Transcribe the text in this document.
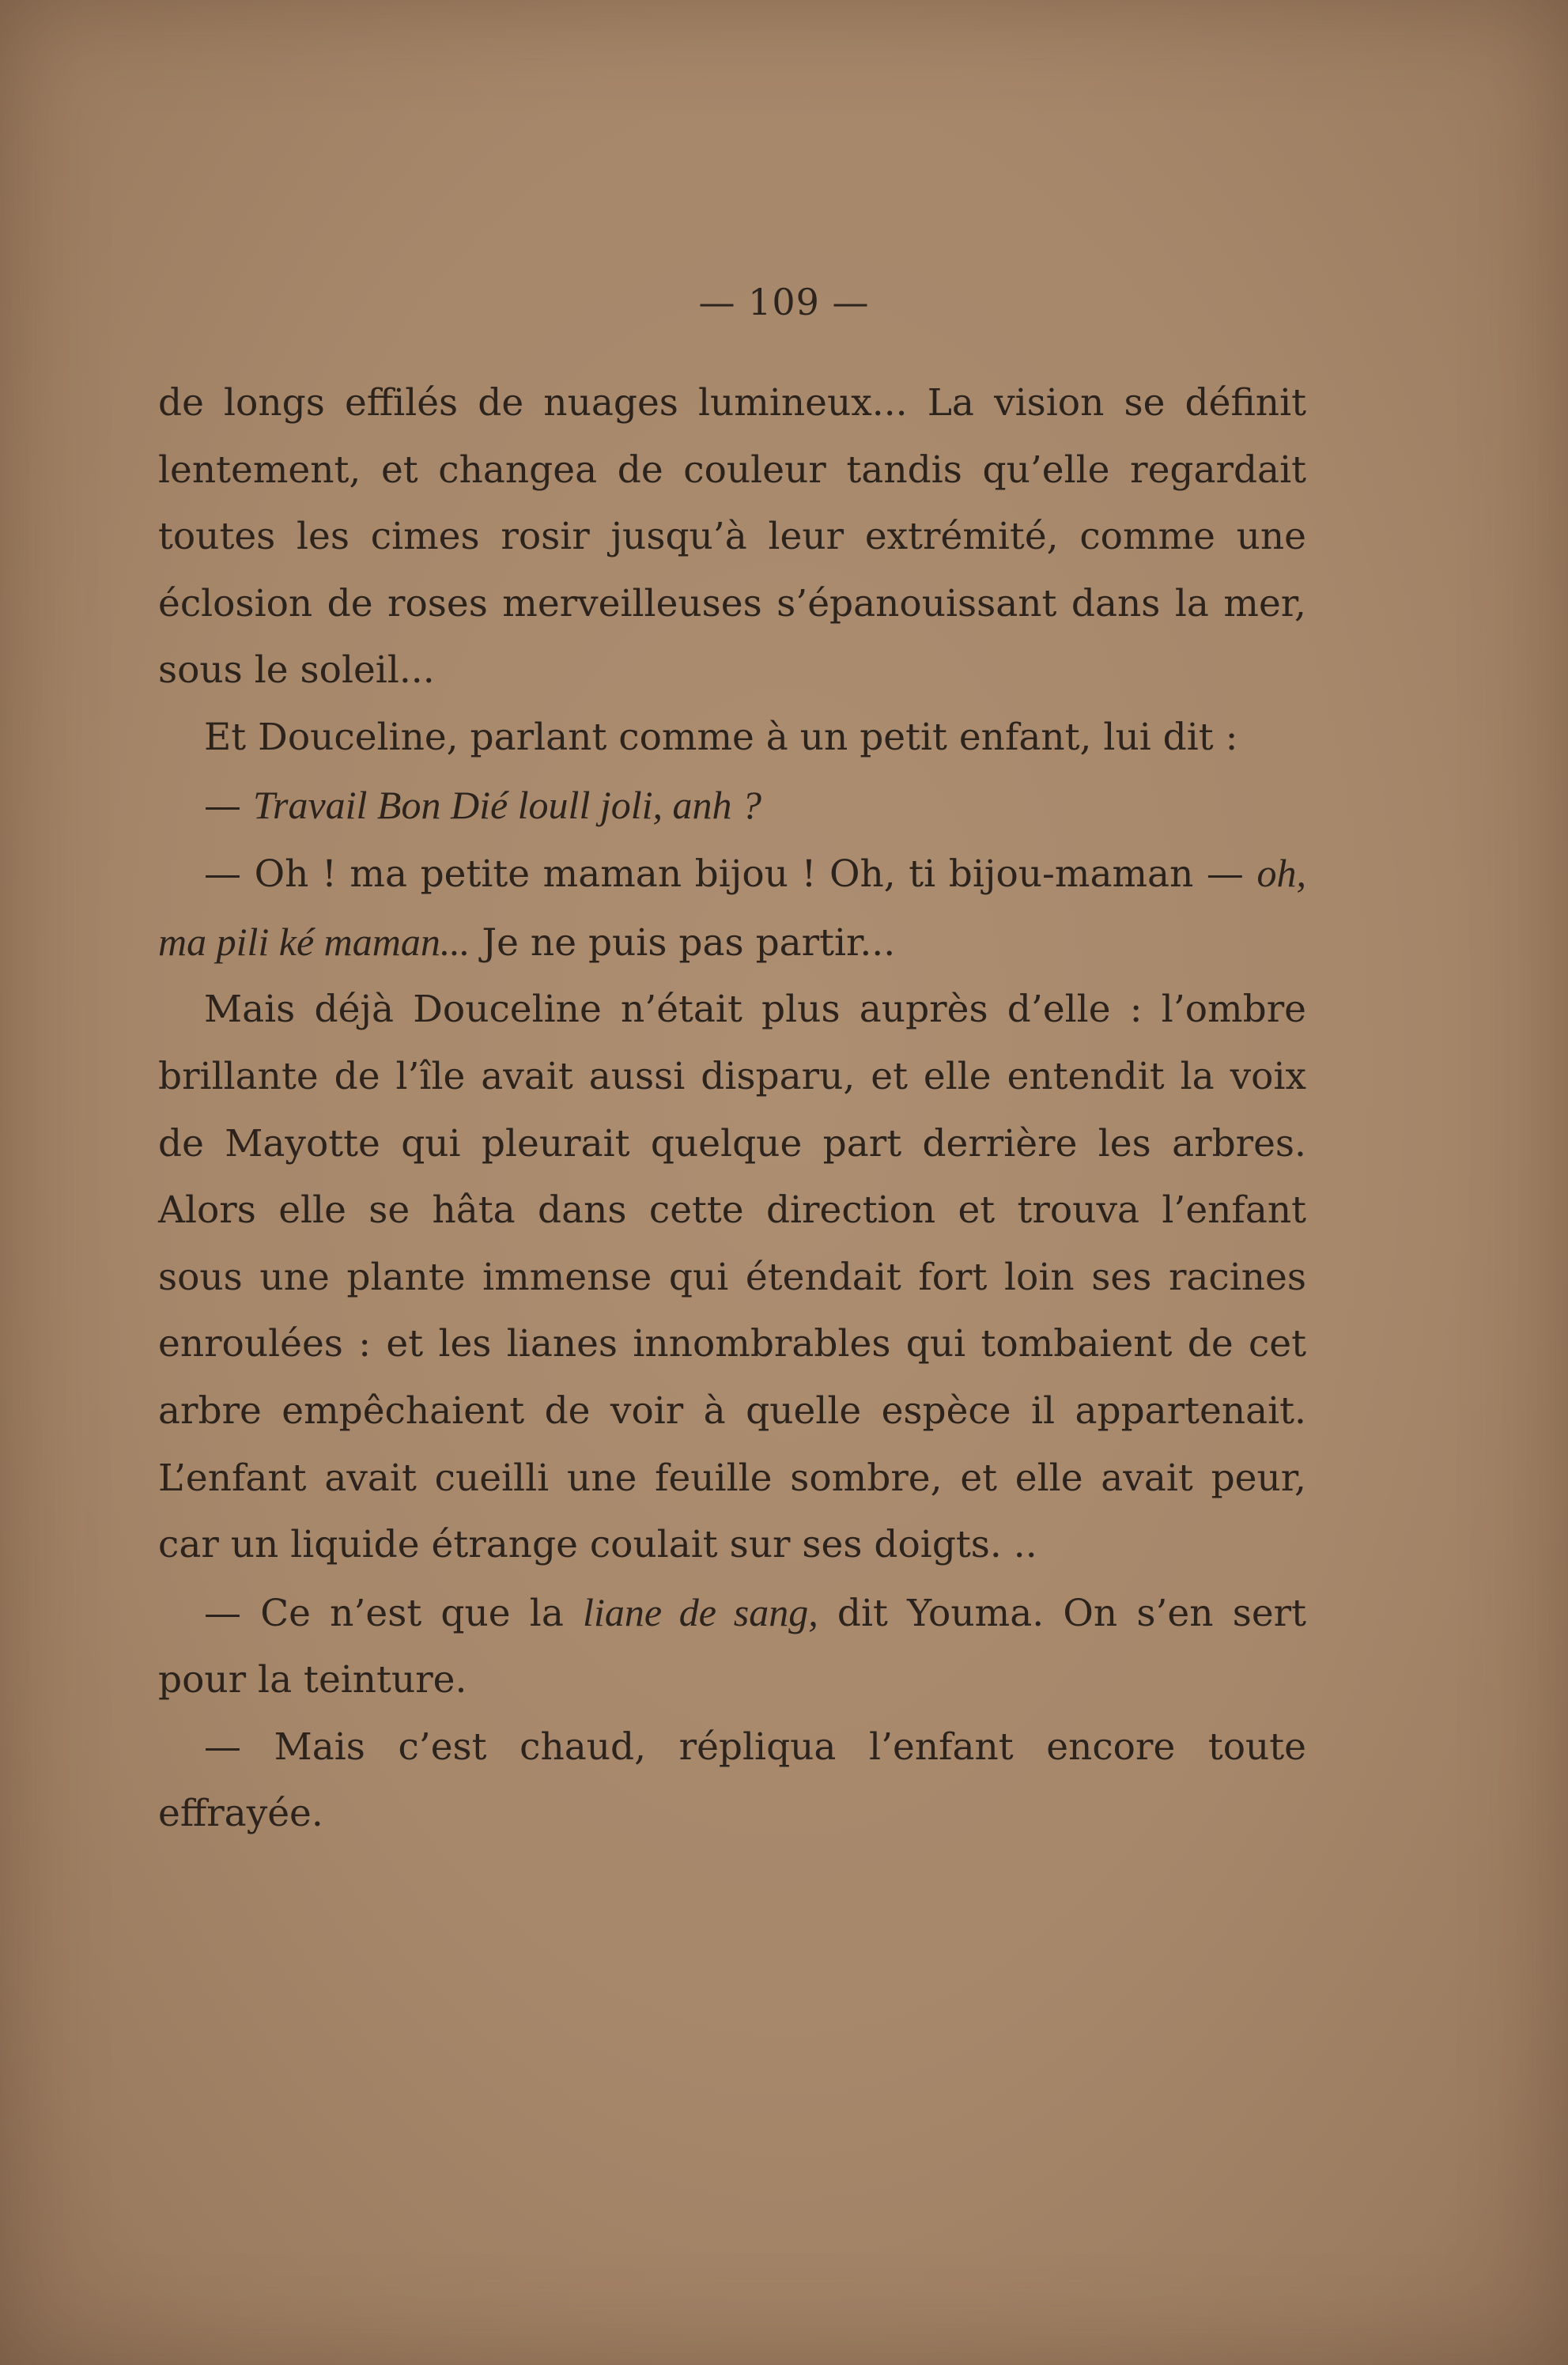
— 109 —

de longs effilés de nuages lumineux... La vision se définit lentement, et changea de couleur tandis qu’elle regardait toutes les cimes rosir jusqu’à leur extrémité, comme une éclosion de roses merveilleuses s’épanouissant dans la mer, sous le soleil...

Et Douceline, parlant comme à un petit enfant, lui dit :

— Travail Bon Dié loull joli, anh ?

— Oh ! ma petite maman bijou ! Oh, ti bijou-maman — oh, ma pili ké maman... Je ne puis pas partir...

Mais déjà Douceline n’était plus auprès d’elle : l’ombre brillante de l’île avait aussi disparu, et elle entendit la voix de Mayotte qui pleurait quelque part derrière les arbres. Alors elle se hâta dans cette direction et trouva l’enfant sous une plante immense qui étendait fort loin ses racines enroulées : et les lianes innombrables qui tombaient de cet arbre empêchaient de voir à quelle espèce il appartenait. L’enfant avait cueilli une feuille sombre, et elle avait peur, car un liquide étrange coulait sur ses doigts. ..

— Ce n’est que la liane de sang, dit Youma. On s’en sert pour la teinture.

— Mais c’est chaud, répliqua l’enfant encore toute effrayée.
